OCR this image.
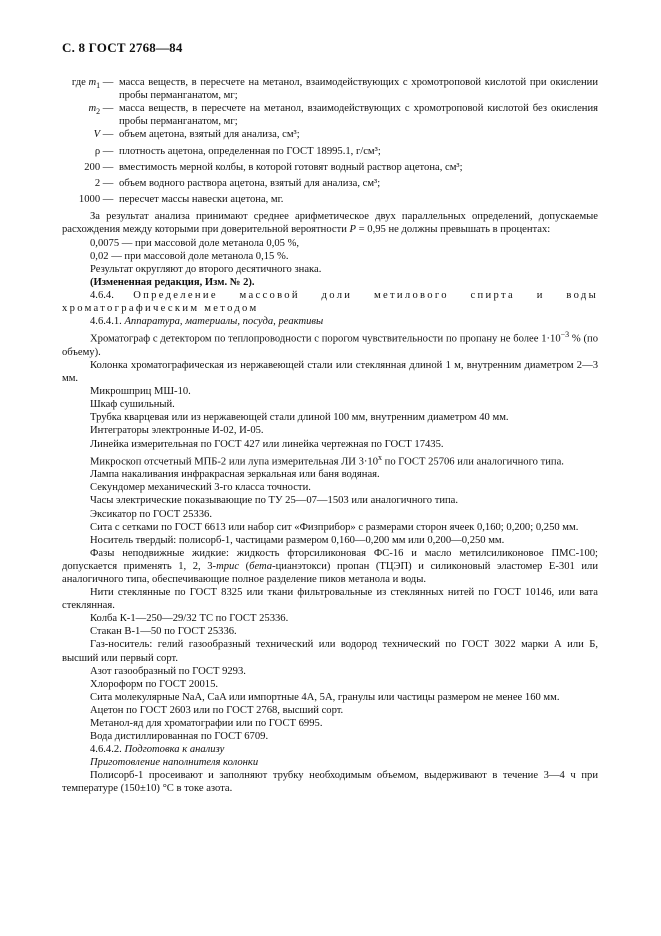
С. 8 ГОСТ 2768—84
где $m_1$ — масса веществ, в пересчете на метанол, взаимодействующих с хромотроповой кислотой при окислении пробы перманганатом, мг;
$m_2$ — масса веществ, в пересчете на метанол, взаимодействующих с хромотроповой кислотой без окисления пробы перманганатом, мг;
V — объем ацетона, взятый для анализа, см³;
ρ — плотность ацетона, определенная по ГОСТ 18995.1, г/см³;
200 — вместимость мерной колбы, в которой готовят водный раствор ацетона, см³;
2 — объем водного раствора ацетона, взятый для анализа, см³;
1000 — пересчет массы навески ацетона, мг.

За результат анализа принимают среднее арифметическое двух параллельных определений, допускаемые расхождения между которыми при доверительной вероятности P = 0,95 не должны превышать в процентах:

0,0075 — при массовой доле метанола 0,05 %,

0,02 — при массовой доле метанола 0,15 %.

Результат округляют до второго десятичного знака.

(Измененная редакция, Изм. № 2).

4.6.4. Определение массовой доли метилового спирта и воды хроматографическим методом

4.6.4.1. Аппаратура, материалы, посуда, реактивы

Хроматограф с детектором по теплопроводности с порогом чувствительности по пропану не более $1\cdot 10^{-3}$ % (по объему).

Колонка хроматографическая из нержавеющей стали или стеклянная длиной 1 м, внутренним диаметром 2—3 мм.

Микрошприц МШ-10.

Шкаф сушильный.

Трубка кварцевая или из нержавеющей стали длиной 100 мм, внутренним диаметром 40 мм.

Интеграторы электронные И-02, И-05.

Линейка измерительная по ГОСТ 427 или линейка чертежная по ГОСТ 17435.

Микроскоп отсчетный МПБ-2 или лупа измерительная ЛИ $3\cdot 10^х$ по ГОСТ 25706 или аналогичного типа.

Лампа накаливания инфракрасная зеркальная или баня водяная.

Секундомер механический 3-го класса точности.

Часы электрические показывающие по ТУ 25—07—1503 или аналогичного типа.

Эксикатор по ГОСТ 25336.

Сита с сетками по ГОСТ 6613 или набор сит «Физприбор» с размерами сторон ячеек 0,160; 0,200; 0,250 мм.

Носитель твердый: полисорб-1, частицами размером 0,160—0,200 мм или 0,200—0,250 мм.

Фазы неподвижные жидкие: жидкость фторсиликоновая ФС-16 и масло метилсиликоновое ПМС-100; допускается применять 1, 2, 3-трис (бета-цианэтокси) пропан (ТЦЭП) и силиконовый эластомер Е-301 или аналогичного типа, обеспечивающие полное разделение пиков метанола и воды.

Нити стеклянные по ГОСТ 8325 или ткани фильтровальные из стеклянных нитей по ГОСТ 10146, или вата стеклянная.

Колба К-1—250—29/32 ТС по ГОСТ 25336.

Стакан В-1—50 по ГОСТ 25336.

Газ-носитель: гелий газообразный технический или водород технический по ГОСТ 3022 марки А или Б, высший или первый сорт.

Азот газообразный по ГОСТ 9293.

Хлороформ по ГОСТ 20015.

Сита молекулярные NaA, CaA или импортные 4А, 5А, гранулы или частицы размером не менее 160 мм.

Ацетон по ГОСТ 2603 или по ГОСТ 2768, высший сорт.

Метанол-яд для хроматографии или по ГОСТ 6995.

Вода дистиллированная по ГОСТ 6709.

4.6.4.2. Подготовка к анализу

Приготовление наполнителя колонки

Полисорб-1 просеивают и заполняют трубку необходимым объемом, выдерживают в течение 3—4 ч при температуре (150±10) °С в токе азота.
